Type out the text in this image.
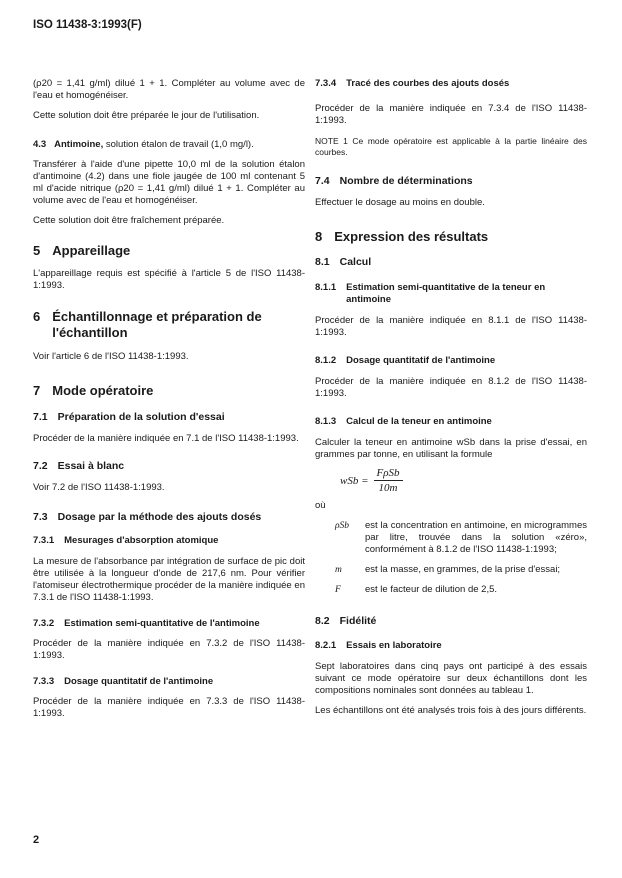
ISO 11438-3:1993(F)

(ρ20 = 1,41 g/ml) dilué 1 + 1. Compléter au volume avec de l'eau et homogénéiser.

Cette solution doit être préparée le jour de l'utilisation.

4.3 Antimoine, solution étalon de travail (1,0 mg/l).

Transférer à l'aide d'une pipette 10,0 ml de la solution étalon d'antimoine (4.2) dans une fiole jaugée de 100 ml contenant 5 ml d'acide nitrique (ρ20 = 1,41 g/ml) dilué 1 + 1. Compléter au volume avec de l'eau et homogénéiser.

Cette solution doit être fraîchement préparée.

5 Appareillage

L'appareillage requis est spécifié à l'article 5 de l'ISO 11438-1:1993.

6 Échantillonnage et préparation de l'échantillon

Voir l'article 6 de l'ISO 11438-1:1993.

7 Mode opératoire
7.1 Préparation de la solution d'essai

Procéder de la manière indiquée en 7.1 de l'ISO 11438-1:1993.

7.2 Essai à blanc

Voir 7.2 de l'ISO 11438-1:1993.

7.3 Dosage par la méthode des ajouts dosés
7.3.1 Mesurages d'absorption atomique

La mesure de l'absorbance par intégration de surface de pic doit être utilisée à la longueur d'onde de 217,6 nm. Pour vérifier l'atomiseur électrothermique procéder de la manière indiquée en 7.3.1 de l'ISO 11438-1:1993.

7.3.2 Estimation semi-quantitative de l'antimoine

Procéder de la manière indiquée en 7.3.2 de l'ISO 11438-1:1993.

7.3.3 Dosage quantitatif de l'antimoine

Procéder de la manière indiquée en 7.3.3 de l'ISO 11438-1:1993.

7.3.4 Tracé des courbes des ajouts dosés

Procéder de la manière indiquée en 7.3.4 de l'ISO 11438-1:1993.

NOTE 1 Ce mode opératoire est applicable à la partie linéaire des courbes.

7.4 Nombre de déterminations

Effectuer le dosage au moins en double.

8 Expression des résultats
8.1 Calcul
8.1.1 Estimation semi-quantitative de la teneur en antimoine

Procéder de la manière indiquée en 8.1.1 de l'ISO 11438-1:1993.

8.1.2 Dosage quantitatif de l'antimoine

Procéder de la manière indiquée en 8.1.2 de l'ISO 11438-1:1993.

8.1.3 Calcul de la teneur en antimoine

Calculer la teneur en antimoine wSb dans la prise d'essai, en grammes par tonne, en utilisant la formule

wSb = $\frac{\text{FρSb}}{10m}$

où

ρSb	est la concentration en antimoine, en microgrammes par litre, trouvée dans la solution «zéro», conformément à 8.1.2 de l'ISO 11438-1:1993;
m	est la masse, en grammes, de la prise d'essai;
F	est le facteur de dilution de 2,5.
8.2 Fidélité
8.2.1 Essais en laboratoire

Sept laboratoires dans cinq pays ont participé à des essais suivant ce mode opératoire sur deux échantillons dont les compositions nominales sont données au tableau 1.

Les échantillons ont été analysés trois fois à des jours différents.

2
